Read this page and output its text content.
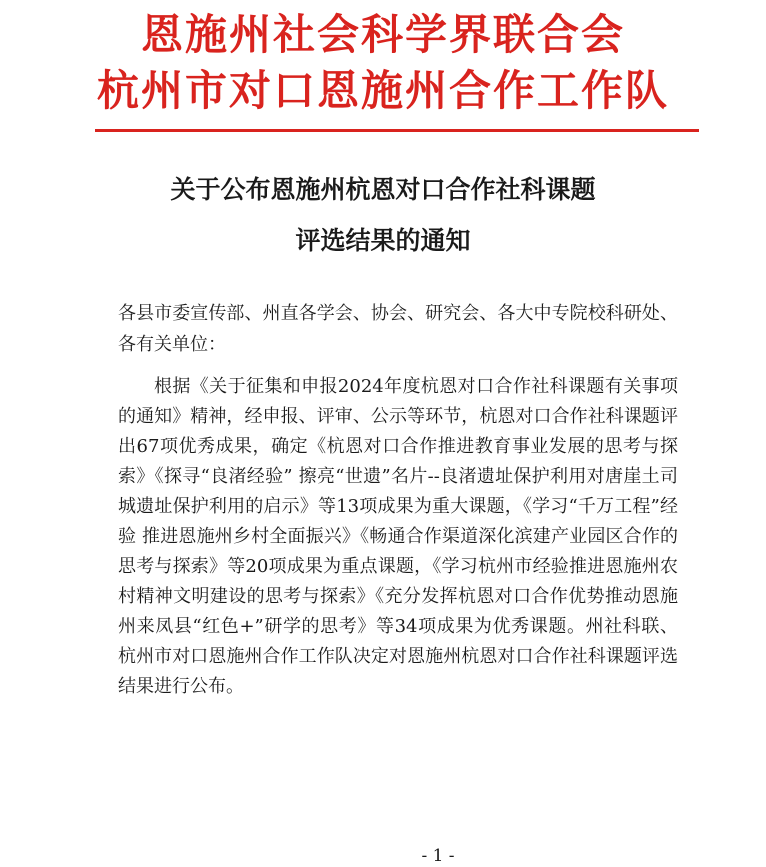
恩施州社会科学界联合会
杭州市对口恩施州合作工作队
关于公布恩施州杭恩对口合作社科课题
评选结果的通知
各县市委宣传部、州直各学会、协会、研究会、各大中专院校科研处、各有关单位：
根据《关于征集和申报2024年度杭恩对口合作社科课题有关事项的通知》精神，经申报、评审、公示等环节，杭恩对口合作社科课题评出67项优秀成果，确定《杭恩对口合作推进教育事业发展的思考与探索》《探寻“良渚经验” 擦亮“世遗”名片--良渚遗址保护利用对唐崖土司城遗址保护利用的启示》等13项成果为重大课题，《学习“千万工程”经验 推进恩施州乡村全面振兴》《畅通合作渠道深化滨建产业园区合作的思考与探索》等20项成果为重点课题，《学习杭州市经验推进恩施州农村精神文明建设的思考与探索》《充分发挥杭恩对口合作优势推动恩施州来凤县“红色+”研学的思考》等34项成果为优秀课题。州社科联、杭州市对口恩施州合作工作队决定对恩施州杭恩对口合作社科课题评选结果进行公布。
- 1 -
